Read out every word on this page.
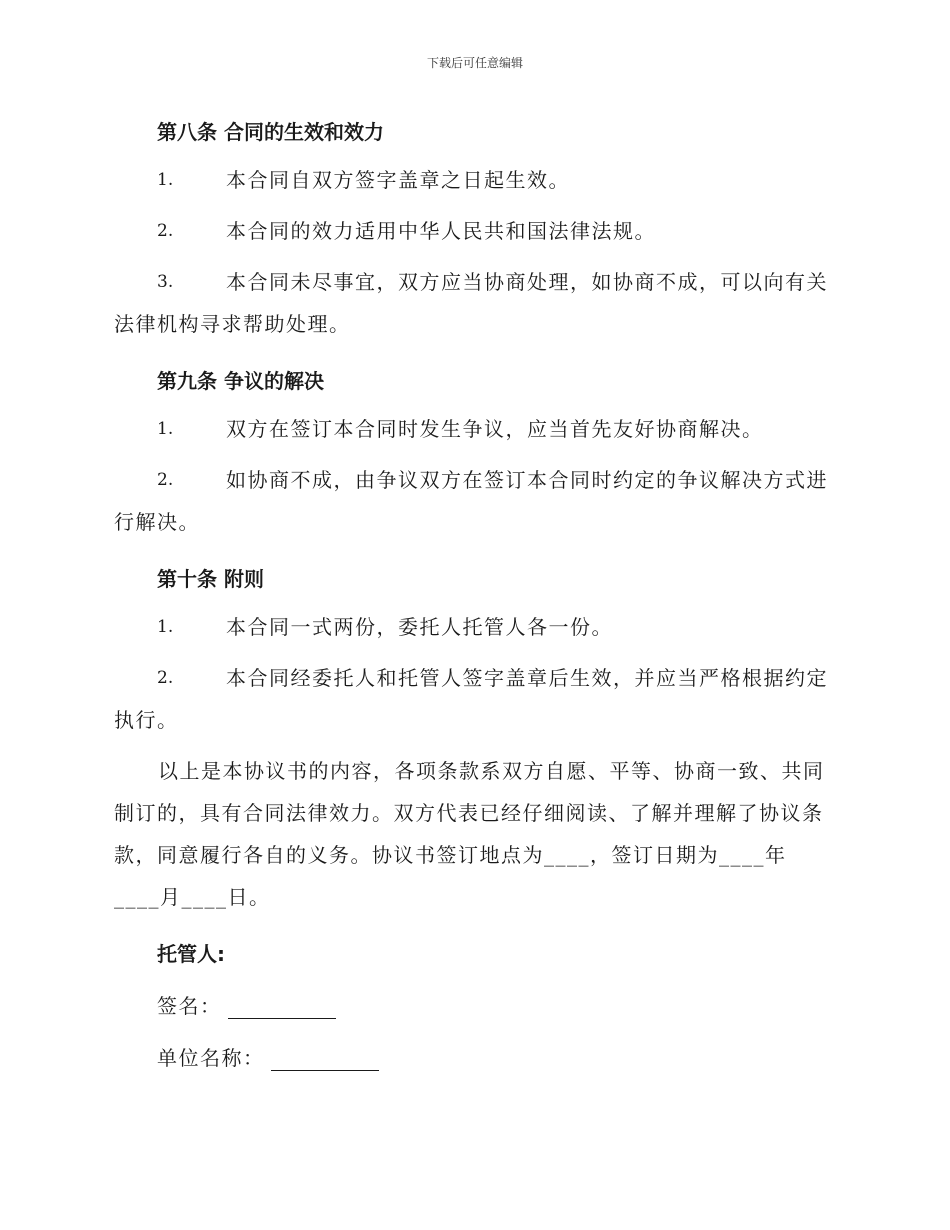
下载后可任意编辑
第八条 合同的生效和效力
1.	本合同自双方签字盖章之日起生效。
2.	本合同的效力适用中华人民共和国法律法规。
3.	本合同未尽事宜，双方应当协商处理，如协商不成，可以向有关法律机构寻求帮助处理。
第九条 争议的解决
1.	双方在签订本合同时发生争议，应当首先友好协商解决。
2.	如协商不成，由争议双方在签订本合同时约定的争议解决方式进行解决。
第十条 附则
1.	本合同一式两份，委托人托管人各一份。
2.	本合同经委托人和托管人签字盖章后生效，并应当严格根据约定执行。
以上是本协议书的内容，各项条款系双方自愿、平等、协商一致、共同制订的，具有合同法律效力。双方代表已经仔细阅读、了解并理解了协议条款，同意履行各自的义务。协议书签订地点为____，签订日期为____年____月____日。
托管人:
签名：
单位名称：
